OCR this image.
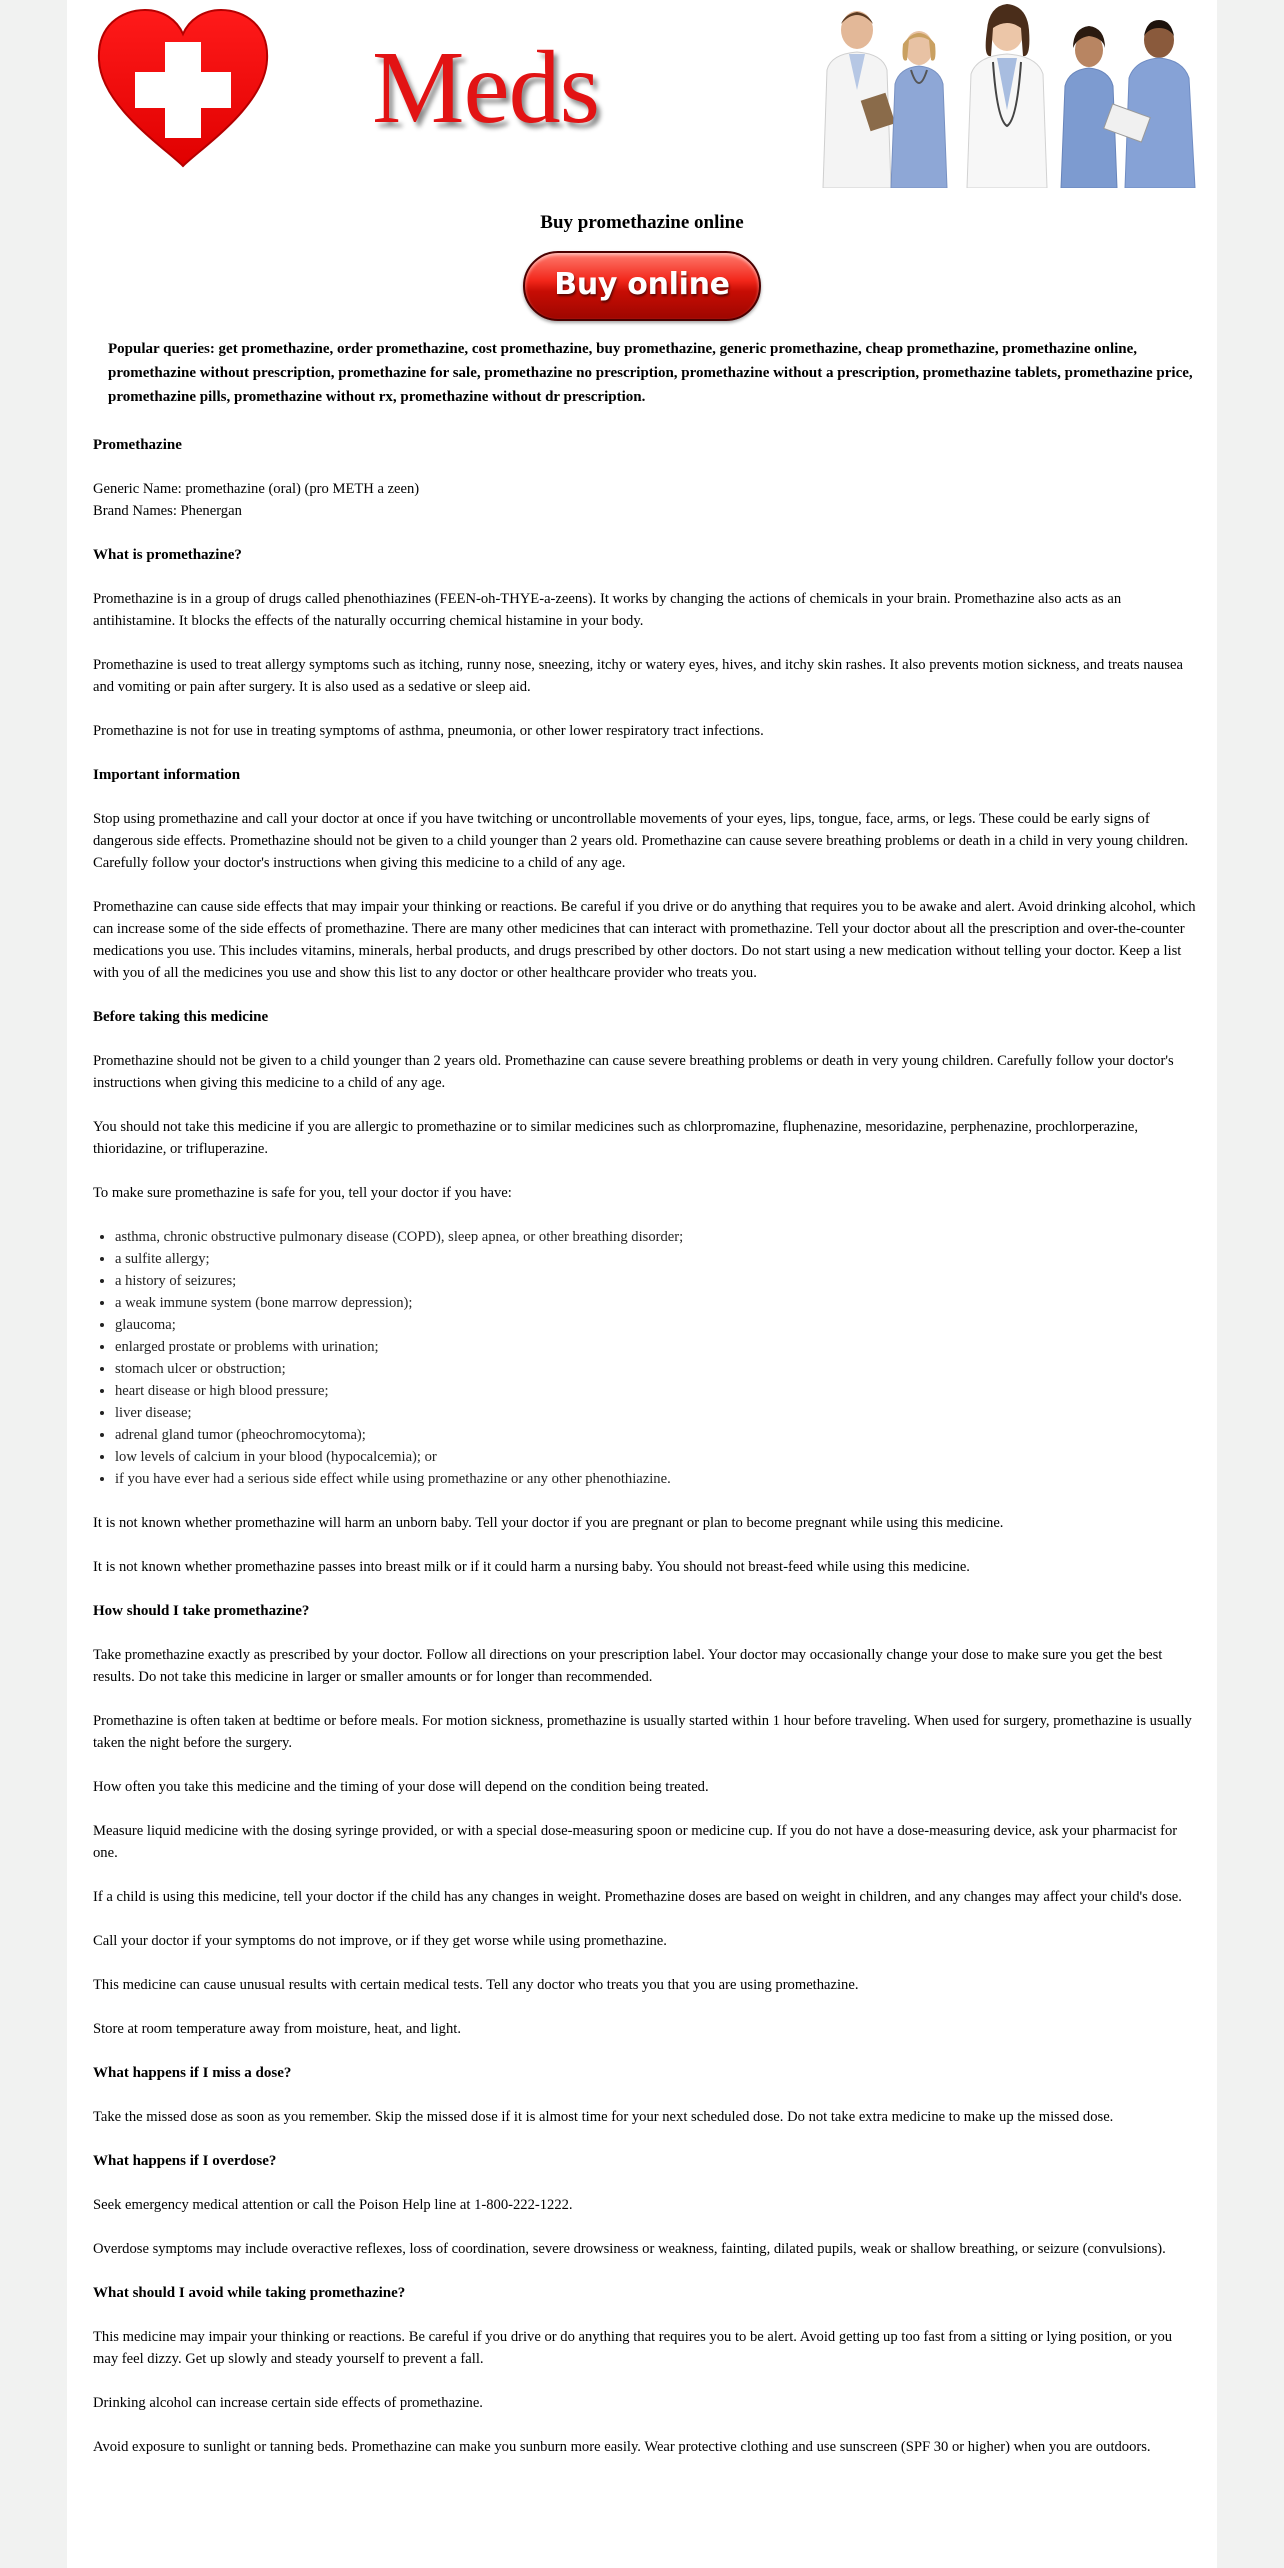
Meds
Buy promethazine online
Buy online
Popular queries: get promethazine, order promethazine, cost promethazine, buy promethazine, generic promethazine, cheap promethazine, promethazine online, promethazine without prescription, promethazine for sale, promethazine no prescription, promethazine without a prescription, promethazine tablets, promethazine price, promethazine pills, promethazine without rx, promethazine without dr prescription.
Promethazine

Generic Name: promethazine (oral) (pro METH a zeen)
Brand Names: Phenergan

What is promethazine?

Promethazine is in a group of drugs called phenothiazines (FEEN-oh-THYE-a-zeens). It works by changing the actions of chemicals in your brain. Promethazine also acts as an antihistamine. It blocks the effects of the naturally occurring chemical histamine in your body.

Promethazine is used to treat allergy symptoms such as itching, runny nose, sneezing, itchy or watery eyes, hives, and itchy skin rashes. It also prevents motion sickness, and treats nausea and vomiting or pain after surgery. It is also used as a sedative or sleep aid.

Promethazine is not for use in treating symptoms of asthma, pneumonia, or other lower respiratory tract infections.

Important information

Stop using promethazine and call your doctor at once if you have twitching or uncontrollable movements of your eyes, lips, tongue, face, arms, or legs. These could be early signs of dangerous side effects. Promethazine should not be given to a child younger than 2 years old. Promethazine can cause severe breathing problems or death in a child in very young children. Carefully follow your doctor's instructions when giving this medicine to a child of any age.

Promethazine can cause side effects that may impair your thinking or reactions. Be careful if you drive or do anything that requires you to be awake and alert. Avoid drinking alcohol, which can increase some of the side effects of promethazine. There are many other medicines that can interact with promethazine. Tell your doctor about all the prescription and over-the-counter medications you use. This includes vitamins, minerals, herbal products, and drugs prescribed by other doctors. Do not start using a new medication without telling your doctor. Keep a list with you of all the medicines you use and show this list to any doctor or other healthcare provider who treats you.

Before taking this medicine

Promethazine should not be given to a child younger than 2 years old. Promethazine can cause severe breathing problems or death in very young children. Carefully follow your doctor's instructions when giving this medicine to a child of any age.

You should not take this medicine if you are allergic to promethazine or to similar medicines such as chlorpromazine, fluphenazine, mesoridazine, perphenazine, prochlorperazine, thioridazine, or trifluperazine.

To make sure promethazine is safe for you, tell your doctor if you have:

• asthma, chronic obstructive pulmonary disease (COPD), sleep apnea, or other breathing disorder;
• a sulfite allergy;
• a history of seizures;
• a weak immune system (bone marrow depression);
• glaucoma;
• enlarged prostate or problems with urination;
• stomach ulcer or obstruction;
• heart disease or high blood pressure;
• liver disease;
• adrenal gland tumor (pheochromocytoma);
• low levels of calcium in your blood (hypocalcemia); or
• if you have ever had a serious side effect while using promethazine or any other phenothiazine.

It is not known whether promethazine will harm an unborn baby. Tell your doctor if you are pregnant or plan to become pregnant while using this medicine.

It is not known whether promethazine passes into breast milk or if it could harm a nursing baby. You should not breast-feed while using this medicine.

How should I take promethazine?

Take promethazine exactly as prescribed by your doctor. Follow all directions on your prescription label. Your doctor may occasionally change your dose to make sure you get the best results. Do not take this medicine in larger or smaller amounts or for longer than recommended.

Promethazine is often taken at bedtime or before meals. For motion sickness, promethazine is usually started within 1 hour before traveling. When used for surgery, promethazine is usually taken the night before the surgery.

How often you take this medicine and the timing of your dose will depend on the condition being treated.

Measure liquid medicine with the dosing syringe provided, or with a special dose-measuring spoon or medicine cup. If you do not have a dose-measuring device, ask your pharmacist for one.

If a child is using this medicine, tell your doctor if the child has any changes in weight. Promethazine doses are based on weight in children, and any changes may affect your child's dose.

Call your doctor if your symptoms do not improve, or if they get worse while using promethazine.

This medicine can cause unusual results with certain medical tests. Tell any doctor who treats you that you are using promethazine.

Store at room temperature away from moisture, heat, and light.

What happens if I miss a dose?

Take the missed dose as soon as you remember. Skip the missed dose if it is almost time for your next scheduled dose. Do not take extra medicine to make up the missed dose.

What happens if I overdose?

Seek emergency medical attention or call the Poison Help line at 1-800-222-1222.

Overdose symptoms may include overactive reflexes, loss of coordination, severe drowsiness or weakness, fainting, dilated pupils, weak or shallow breathing, or seizure (convulsions).

What should I avoid while taking promethazine?

This medicine may impair your thinking or reactions. Be careful if you drive or do anything that requires you to be alert. Avoid getting up too fast from a sitting or lying position, or you may feel dizzy. Get up slowly and steady yourself to prevent a fall.

Drinking alcohol can increase certain side effects of promethazine.

Avoid exposure to sunlight or tanning beds. Promethazine can make you sunburn more easily. Wear protective clothing and use sunscreen (SPF 30 or higher) when you are outdoors.
